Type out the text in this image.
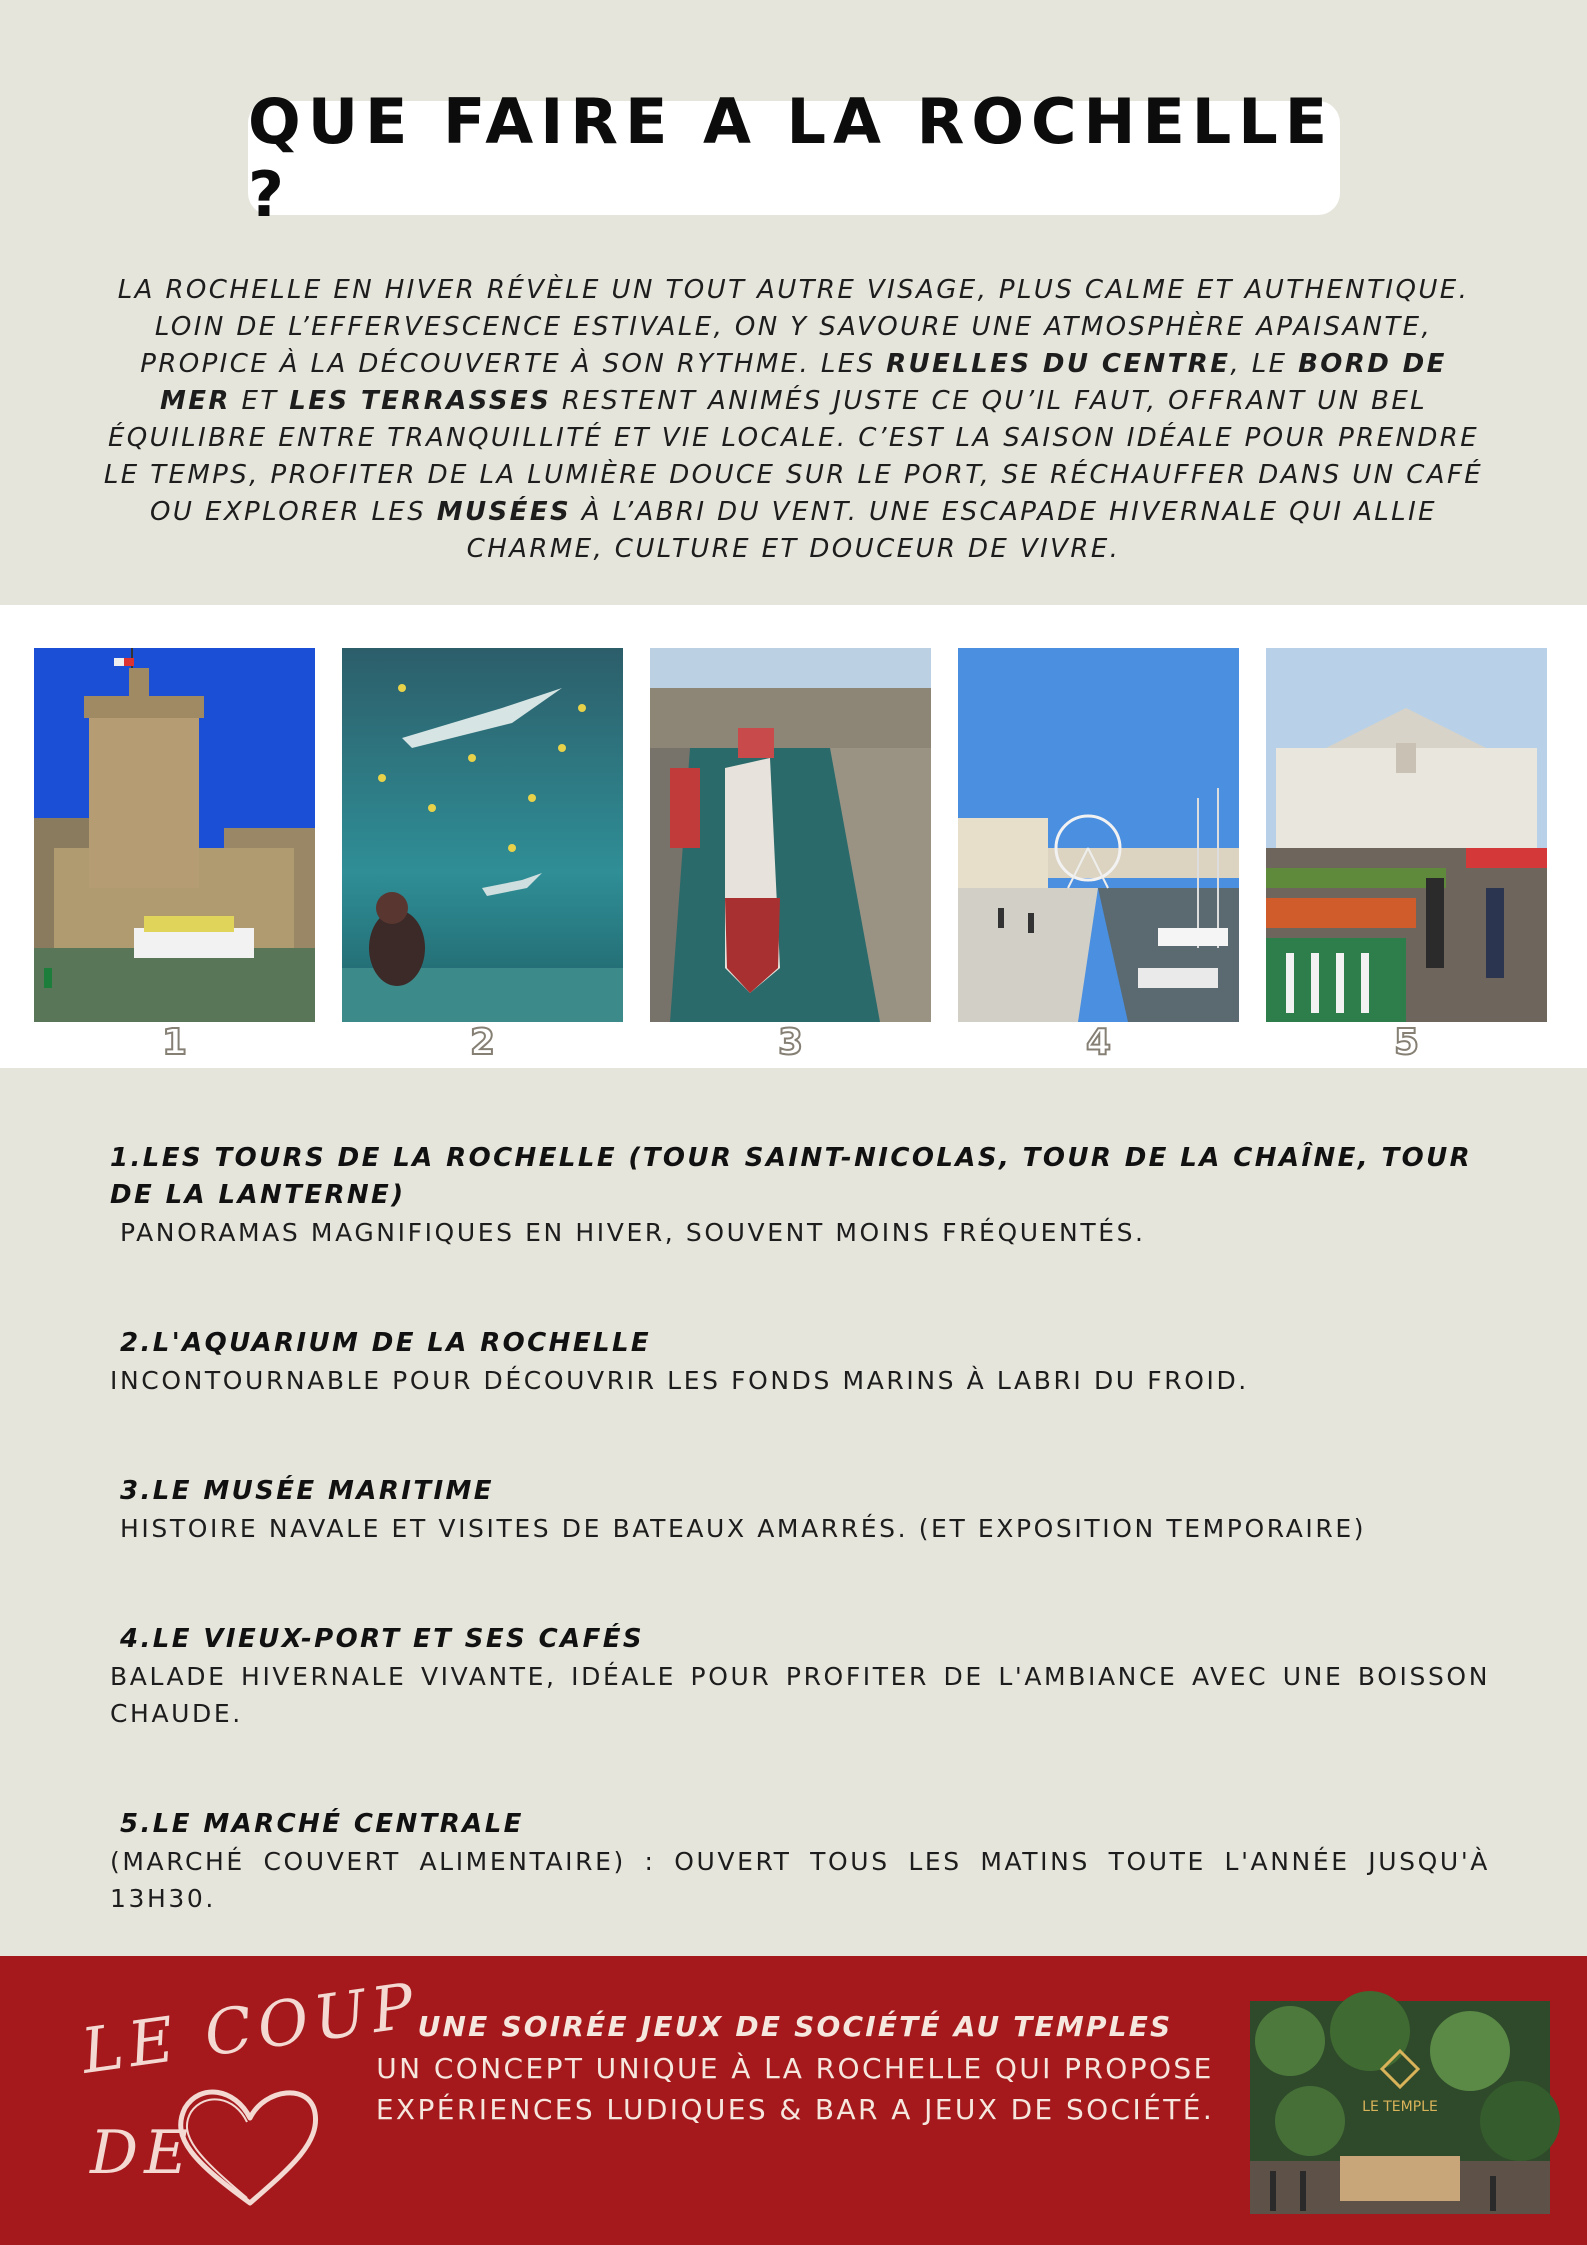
QUE FAIRE A LA ROCHELLE ?
LA ROCHELLE EN HIVER RÉVÈLE UN TOUT AUTRE VISAGE, PLUS CALME ET AUTHENTIQUE. LOIN DE L’EFFERVESCENCE ESTIVALE, ON Y SAVOURE UNE ATMOSPHÈRE APAISANTE, PROPICE À LA DÉCOUVERTE À SON RYTHME. LES RUELLES DU CENTRE, LE BORD DE MER ET LES TERRASSES RESTENT ANIMÉS JUSTE CE QU’IL FAUT, OFFRANT UN BEL ÉQUILIBRE ENTRE TRANQUILLITÉ ET VIE LOCALE. C’EST LA SAISON IDÉALE POUR PRENDRE LE TEMPS, PROFITER DE LA LUMIÈRE DOUCE SUR LE PORT, SE RÉCHAUFFER DANS UN CAFÉ OU EXPLORER LES MUSÉES À L’ABRI DU VENT. UNE ESCAPADE HIVERNALE QUI ALLIE CHARME, CULTURE ET DOUCEUR DE VIVRE.
1	2	3	4	5
1.LES TOURS DE LA ROCHELLE (TOUR SAINT-NICOLAS, TOUR DE LA CHAÎNE, TOUR DE LA LANTERNE)
PANORAMAS MAGNIFIQUES EN HIVER, SOUVENT MOINS FRÉQUENTÉS.
2.L'AQUARIUM DE LA ROCHELLE
INCONTOURNABLE POUR DÉCOUVRIR LES FONDS MARINS À LABRI DU FROID.
3.LE MUSÉE MARITIME
HISTOIRE NAVALE ET VISITES DE BATEAUX AMARRÉS. (ET EXPOSITION TEMPORAIRE)
4.LE VIEUX-PORT ET SES CAFÉS
BALADE HIVERNALE VIVANTE, IDÉALE POUR PROFITER DE L'AMBIANCE AVEC UNE BOISSON CHAUDE.
5.LE MARCHÉ CENTRALE
(MARCHÉ COUVERT ALIMENTAIRE) : OUVERT TOUS LES MATINS TOUTE L'ANNÉE JUSQU'À 13H30.
LE COUP
DE
UNE SOIRÉE JEUX DE SOCIÉTÉ AU TEMPLES
UN CONCEPT UNIQUE À LA ROCHELLE QUI PROPOSE EXPÉRIENCES LUDIQUES & BAR A JEUX DE SOCIÉTÉ.	LE TEMPLE
